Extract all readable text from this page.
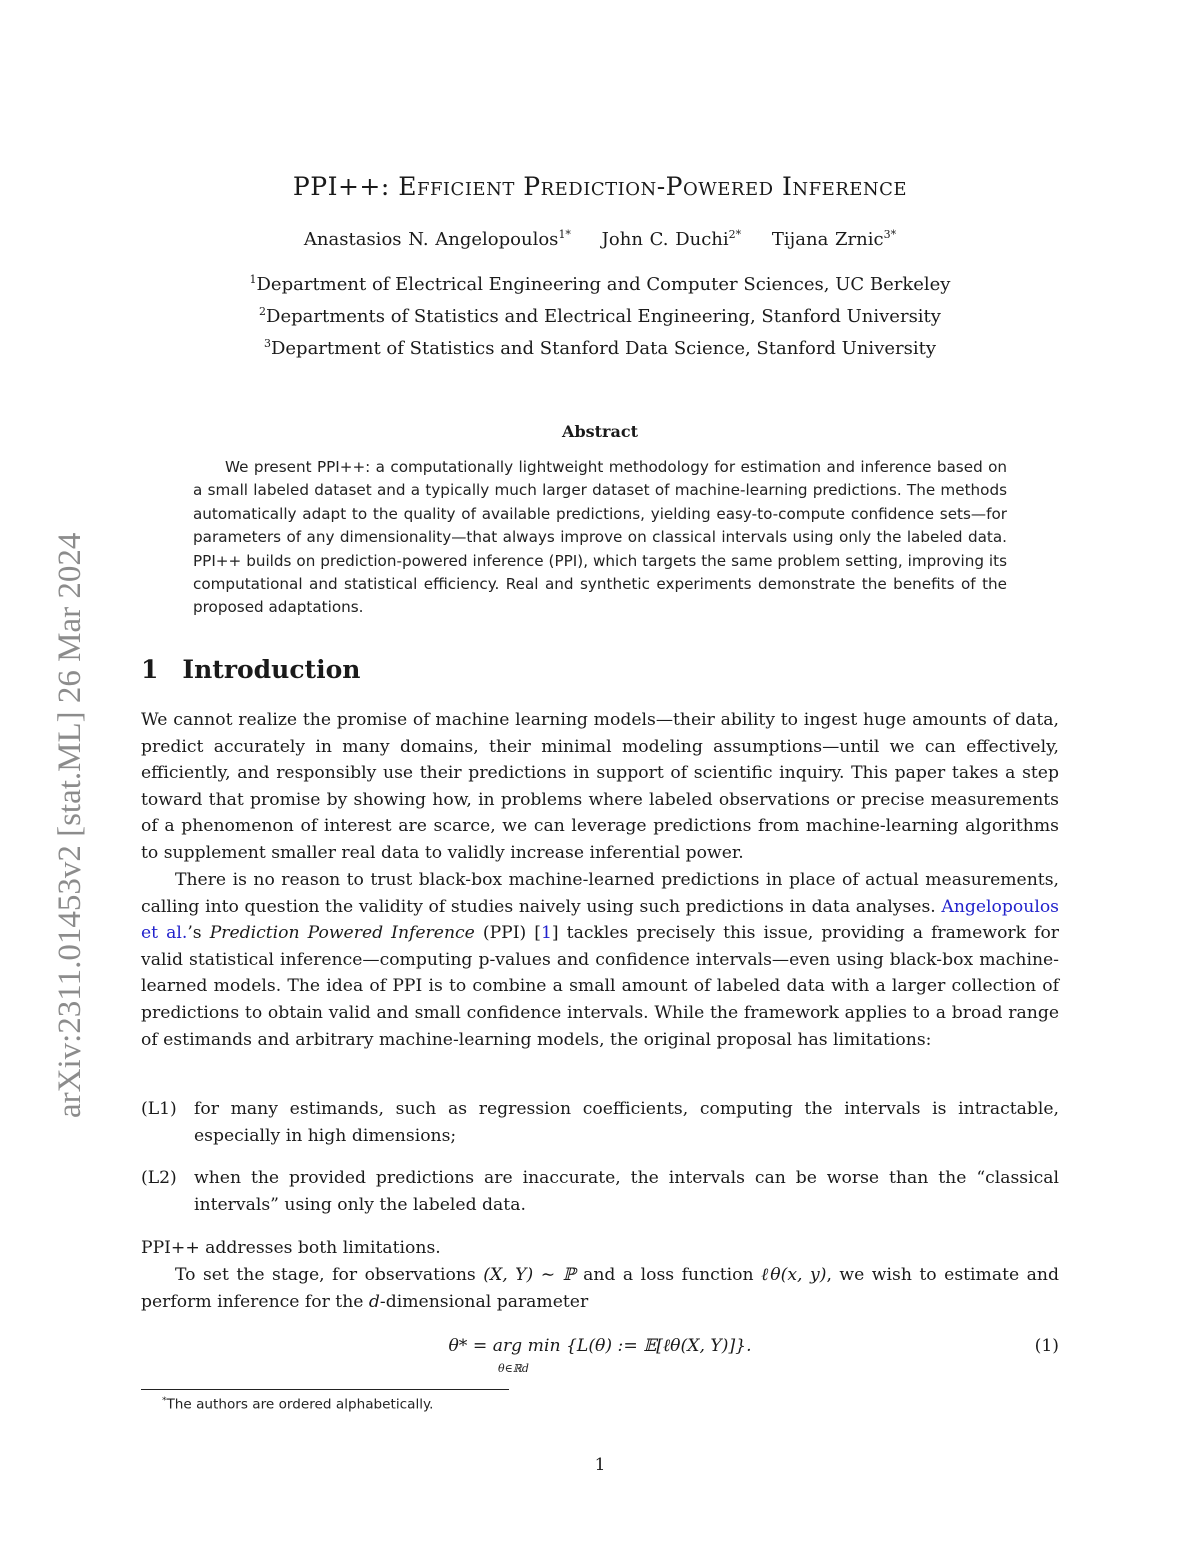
arXiv:2311.01453v2 [stat.ML] 26 Mar 2024
PPI++: Efficient Prediction-Powered Inference
Anastasios N. Angelopoulos$^{1*}$ John C. Duchi$^{2*}$ Tijana Zrnic$^{3*}$
$^1$Department of Electrical Engineering and Computer Sciences, UC Berkeley
$^2$Departments of Statistics and Electrical Engineering, Stanford University
$^3$Department of Statistics and Stanford Data Science, Stanford University
Abstract
We present PPI++: a computationally lightweight methodology for estimation and inference based on a small labeled dataset and a typically much larger dataset of machine-learning predictions. The methods automatically adapt to the quality of available predictions, yielding easy-to-compute confidence sets—for parameters of any dimensionality—that always improve on classical intervals using only the labeled data. PPI++ builds on prediction-powered inference (PPI), which targets the same problem setting, improving its computational and statistical efficiency. Real and synthetic experiments demonstrate the benefits of the proposed adaptations.
1 Introduction

We cannot realize the promise of machine learning models—their ability to ingest huge amounts of data, predict accurately in many domains, their minimal modeling assumptions—until we can effectively, efficiently, and responsibly use their predictions in support of scientific inquiry. This paper takes a step toward that promise by showing how, in problems where labeled observations or precise measurements of a phenomenon of interest are scarce, we can leverage predictions from machine-learning algorithms to supplement smaller real data to validly increase inferential power.

There is no reason to trust black-box machine-learned predictions in place of actual measurements, calling into question the validity of studies naively using such predictions in data analyses. Angelopoulos et al.’s Prediction Powered Inference (PPI) [1] tackles precisely this issue, providing a framework for valid statistical inference—computing p-values and confidence intervals—even using black-box machine-learned models. The idea of PPI is to combine a small amount of labeled data with a larger collection of predictions to obtain valid and small confidence intervals. While the framework applies to a broad range of estimands and arbitrary machine-learning models, the original proposal has limitations:

(L1) for many estimands, such as regression coefficients, computing the intervals is intractable, especially in high dimensions;
(L2) when the provided predictions are inaccurate, the intervals can be worse than the “classical intervals” using only the labeled data.

PPI++ addresses both limitations.

To set the stage, for observations (X, Y) ∼ ℙ and a loss function ℓθ(x, y), we wish to estimate and perform inference for the d-dimensional parameter

θ* = arg min {L(θ) := 𝔼[ℓθ(X, Y)]}.
θ∈ℝd
(1)
*The authors are ordered alphabetically.
1
